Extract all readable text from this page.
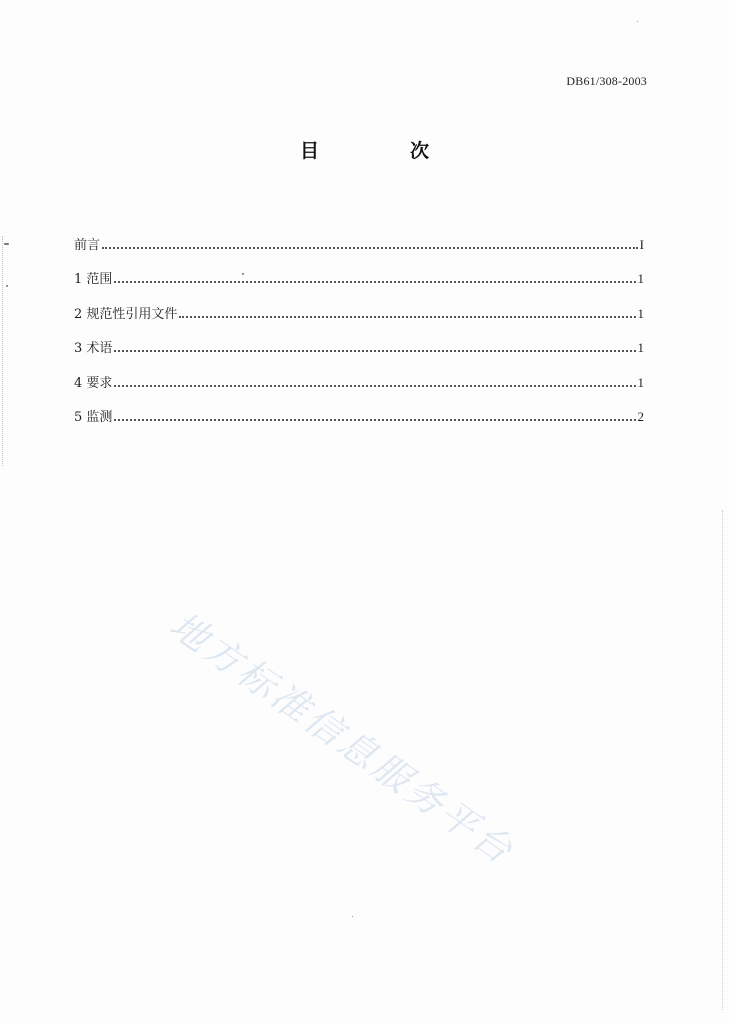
DB61/308-2003
目　次
前言	I
1 范围	1
2 规范性引用文件	1
3 术语	1
4 要求	1
5 监测	2
地方标准信息服务平台
